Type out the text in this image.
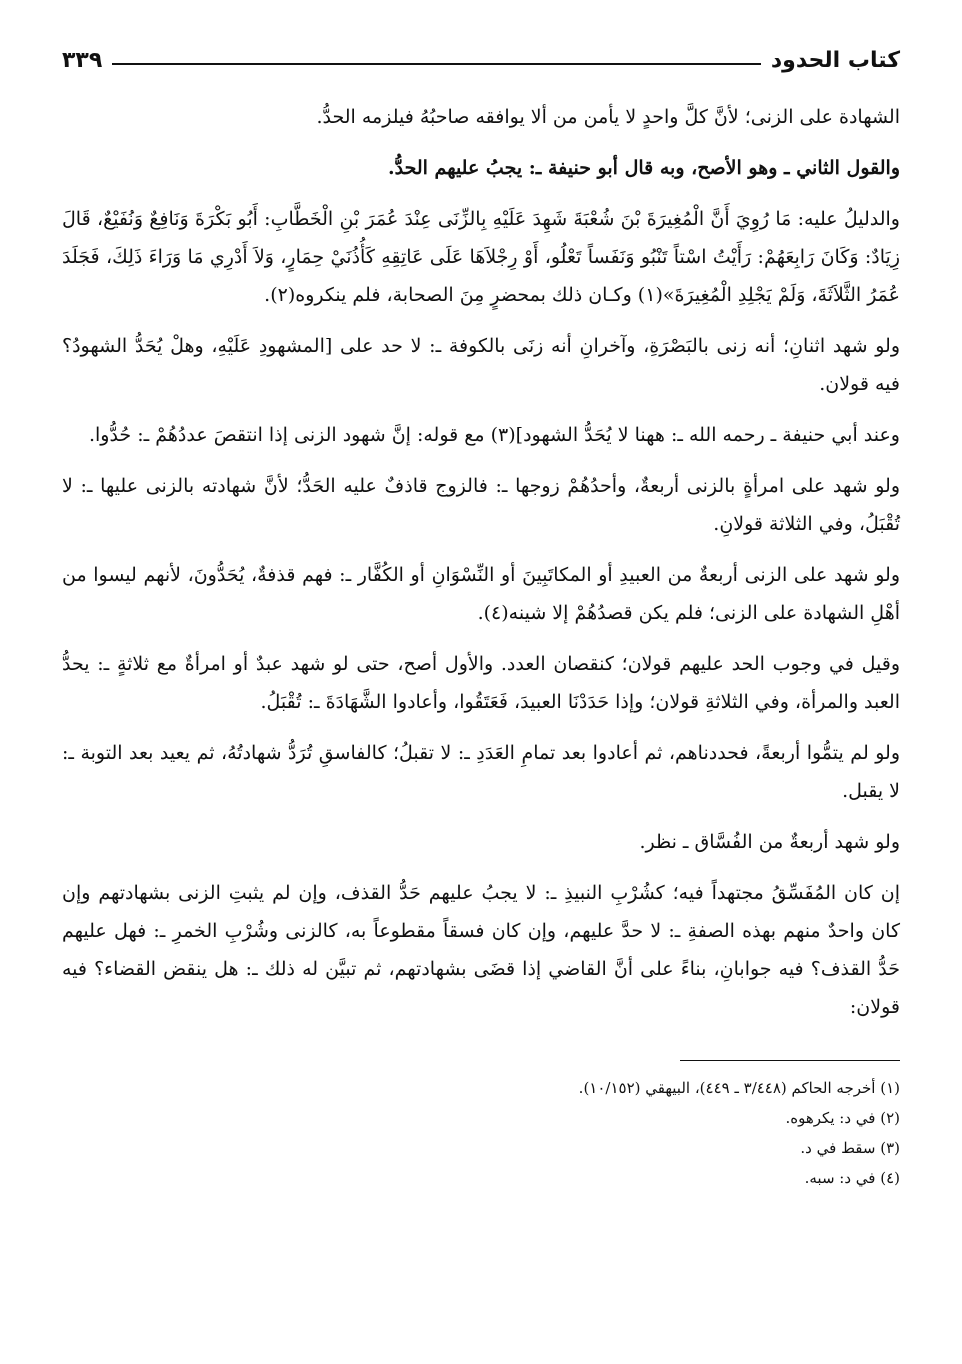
كتاب الحدود
٣٣٩

الشهادة على الزنى؛ لأنَّ كلَّ واحدٍ لا يأمن من ألا يوافقه صاحبُهُ فيلزمه الحدُّ.

والقول الثاني ـ وهو الأصح، وبه قال أبو حنيفة ـ: يجبُ عليهم الحدُّ.

والدليلُ عليه: مَا رُوِيَ أَنَّ الْمُغِيرَةَ بْنَ شُعْبَةَ شَهِدَ عَلَيْهِ بِالزِّنَى عِنْدَ عُمَرَ بْنِ الْخَطَّابِ: أَبُو بَكْرَةَ وَنَافِعٌ وَنُفَيْعٌ، قَالَ زِيَادٌ: وَكَانَ رَابِعَهُمْ: رَأَيْتُ اسْتاً تَنْبُو وَنَفَساً تَعْلُو، أَوْ رِجْلاَهَا عَلَى عَاتِقِهِ كَأُذُنَيْ حِمَارٍ، وَلاَ أَدْرِي مَا وَرَاءَ ذَلِكَ، فَجَلَدَ عُمَرُ الثَّلاَثَةَ، وَلَمْ يَجْلِدِ الْمُغِيرَةَ»(١) وكـان ذلك بمحضرٍ مِنَ الصحابة، فلم ينكروه(٢).

ولو شهد اثنانِ؛ أنه زنى بالبَصْرَةِ، وآخرانِ أنه زنَى بالكوفة ـ: لا حد على [المشهودِ عَلَيْهِ، وهلْ يُحَدُّ الشهودُ؟ فيه قولان.

وعند أبي حنيفة ـ رحمه الله ـ: ههنا لا يُحَدُّ الشهود](٣) مع قوله: إنَّ شهود الزنى إذا انتقصَ عددُهُمْ ـ: حُدُّوا.

ولو شهد على امرأةٍ بالزنى أربعةٌ، وأحدُهُمْ زوجها ـ: فالزوج قاذفٌ عليه الحَدُّ؛ لأنَّ شهادته بالزنى عليها ـ: لا تُقْبَلُ، وفي الثلاثة قولانِ.

ولو شهد على الزنى أربعةٌ من العبيدِ أو المكاتَبِينَ أو النِّسْوَانِ أو الكُفَّار ـ: فهم قذفةٌ، يُحَدُّونَ، لأنهم ليسوا من أهْلِ الشهادة على الزنى؛ فلم يكن قصدُهُمْ إلا شينه(٤).

وقيل في وجوب الحد عليهم قولان؛ كنقصان العدد. والأول أصح، حتى لو شهد عبدٌ أو امرأةٌ مع ثلاثةٍ ـ: يحدُّ العبد والمرأة، وفي الثلاثةِ قولان؛ وإذا حَدَدْنَا العبيدَ، فَعَتَقُوا، وأعادوا الشَّهَادَةَ ـ: تُقْبَلُ.

ولو لم يتمُّوا أربعةً، فحددناهم، ثم أعادوا بعد تمامِ العَدَدِ ـ: لا تقبلُ؛ كالفاسقِ تُرَدُّ شهادتُهُ، ثم يعيد بعد التوبة ـ: لا يقبل.

ولو شهد أربعةٌ من الفُسَّاق ـ نظر.

إن كان المُفَسِّقُ مجتهداً فيه؛ كشُرْبِ النبيذِ ـ: لا يجبُ عليهم حَدُّ القذف، وإن لم يثبتِ الزنى بشهادتهم وإن كان واحدٌ منهم بهذه الصفةِ ـ: لا حدَّ عليهم، وإن كان فسقاً مقطوعاً به، كالزنى وشُرْبِ الخمرِ ـ: فهل عليهم حَدُّ القذف؟ فيه جوابانِ، بناءً على أنَّ القاضي إذا قضَى بشهادتهم، ثم تبيَّن له ذلك ـ: هل ينقض القضاء؟ فيه قولان:

(١) أخرجه الحاكم (٣/٤٤٨ ـ ٤٤٩)، البيهقي (١٠/١٥٢).

(٢) في د: يكرهوه.

(٣) سقط في د.

(٤) في د: سبه.
